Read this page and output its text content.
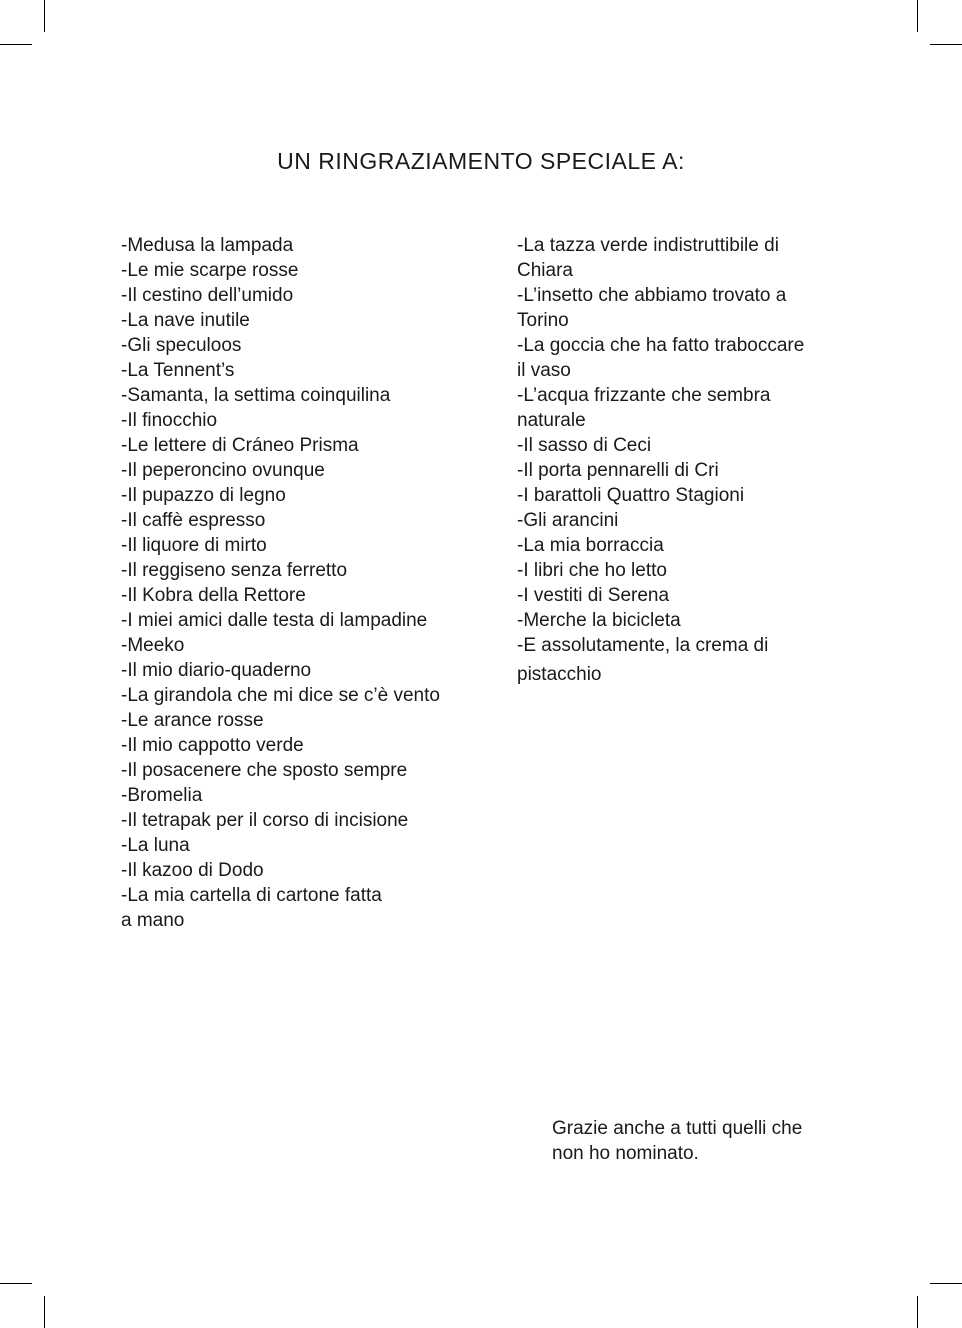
UN RINGRAZIAMENTO SPECIALE A:
-Medusa la lampada
-Le mie scarpe rosse
-Il cestino dell’umido
-La nave inutile
-Gli speculoos
-La Tennent’s
-Samanta, la settima coinquilina
-Il finocchio
-Le lettere di Cráneo Prisma
-Il peperoncino ovunque
-Il pupazzo di legno
-Il caffè espresso
-Il liquore di mirto
-Il reggiseno senza ferretto
-Il Kobra della Rettore
-I miei amici dalle testa di lampadine
-Meeko
-Il mio diario-quaderno
-La girandola che mi dice se c’è vento
-Le arance rosse
-Il mio cappotto verde
-Il posacenere che sposto sempre
-Bromelia
-Il tetrapak per il corso di incisione
-La luna
-Il kazoo di Dodo
-La mia cartella di cartone fatta
a mano
-La tazza verde indistruttibile di
Chiara
-L’insetto che abbiamo trovato a
Torino
-La goccia che ha fatto traboccare
il vaso
-L’acqua frizzante che sembra
naturale
-Il sasso di Ceci
-Il porta pennarelli di Cri
-I barattoli Quattro Stagioni
-Gli arancini
-La mia borraccia
-I libri che ho letto
-I vestiti di Serena
-Merche la bicicleta
-E assolutamente, la crema di
pistacchio

Grazie anche a tutti quelli che
non ho nominato.
